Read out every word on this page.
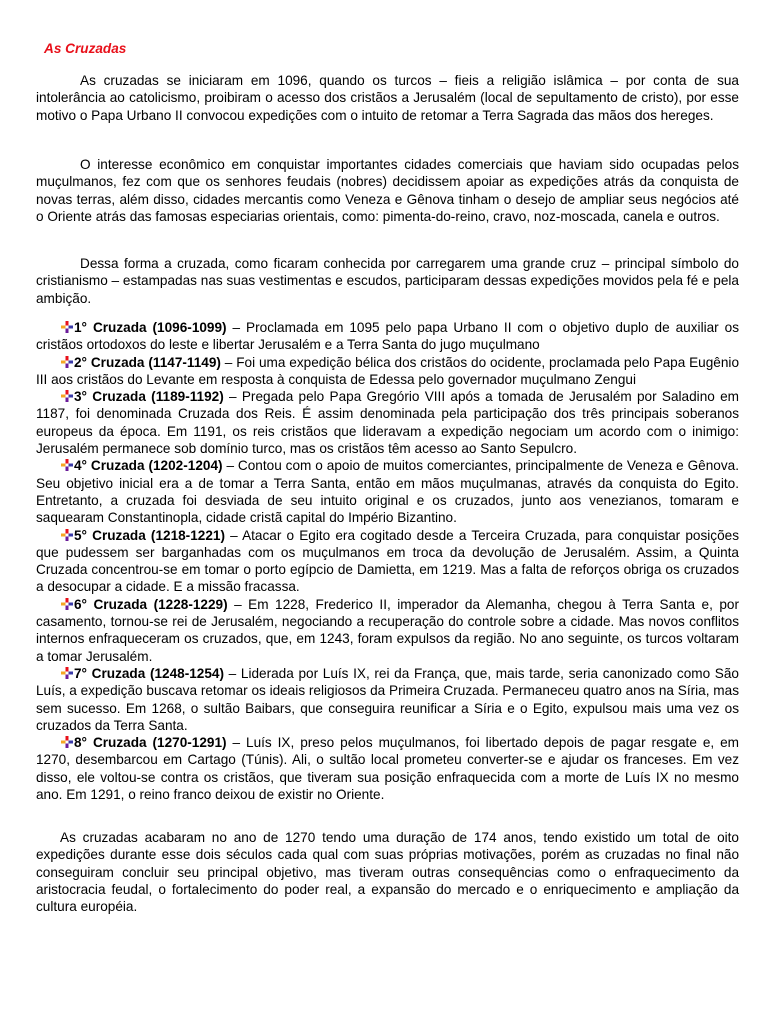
As Cruzadas

As cruzadas se iniciaram em 1096, quando os turcos – fieis a religião islâmica – por conta de sua intolerância ao catolicismo, proibiram o acesso dos cristãos a Jerusalém (local de sepultamento de cristo), por esse motivo o Papa Urbano II convocou expedições com o intuito de retomar a Terra Sagrada das mãos dos hereges.

O interesse econômico em conquistar importantes cidades comerciais que haviam sido ocupadas pelos muçulmanos, fez com que os senhores feudais (nobres) decidissem apoiar as expedições atrás da conquista de novas terras, além disso, cidades mercantis como Veneza e Gênova tinham o desejo de ampliar seus negócios até o Oriente atrás das famosas especiarias orientais, como: pimenta-do-reino, cravo, noz-moscada, canela e outros.

Dessa forma a cruzada, como ficaram conhecida por carregarem uma grande cruz – principal símbolo do cristianismo – estampadas nas suas vestimentas e escudos, participaram dessas expedições movidos pela fé e pela ambição.

1° Cruzada (1096-1099) – Proclamada em 1095 pelo papa Urbano II com o objetivo duplo de auxiliar os cristãos ortodoxos do leste e libertar Jerusalém e a Terra Santa do jugo muçulmano

2° Cruzada (1147-1149) – Foi uma expedição bélica dos cristãos do ocidente, proclamada pelo Papa Eugênio III aos cristãos do Levante em resposta à conquista de Edessa pelo governador muçulmano Zengui

3° Cruzada (1189-1192) – Pregada pelo Papa Gregório VIII após a tomada de Jerusalém por Saladino em 1187, foi denominada Cruzada dos Reis. É assim denominada pela participação dos três principais soberanos europeus da época. Em 1191, os reis cristãos que lideravam a expedição negociam um acordo com o inimigo: Jerusalém permanece sob domínio turco, mas os cristãos têm acesso ao Santo Sepulcro.

4° Cruzada (1202-1204) – Contou com o apoio de muitos comerciantes, principalmente de Veneza e Gênova. Seu objetivo inicial era a de tomar a Terra Santa, então em mãos muçulmanas, através da conquista do Egito. Entretanto, a cruzada foi desviada de seu intuito original e os cruzados, junto aos venezianos, tomaram e saquearam Constantinopla, cidade cristã capital do Império Bizantino.

5° Cruzada (1218-1221) – Atacar o Egito era cogitado desde a Terceira Cruzada, para conquistar posições que pudessem ser barganhadas com os muçulmanos em troca da devolução de Jerusalém. Assim, a Quinta Cruzada concentrou-se em tomar o porto egípcio de Damietta, em 1219. Mas a falta de reforços obriga os cruzados a desocupar a cidade. E a missão fracassa.

6° Cruzada (1228-1229) – Em 1228, Frederico II, imperador da Alemanha, chegou à Terra Santa e, por casamento, tornou-se rei de Jerusalém, negociando a recuperação do controle sobre a cidade. Mas novos conflitos internos enfraqueceram os cruzados, que, em 1243, foram expulsos da região. No ano seguinte, os turcos voltaram a tomar Jerusalém.

7° Cruzada (1248-1254) – Liderada por Luís IX, rei da França, que, mais tarde, seria canonizado como São Luís, a expedição buscava retomar os ideais religiosos da Primeira Cruzada. Permaneceu quatro anos na Síria, mas sem sucesso. Em 1268, o sultão Baibars, que conseguira reunificar a Síria e o Egito, expulsou mais uma vez os cruzados da Terra Santa.

8° Cruzada (1270-1291) – Luís IX, preso pelos muçulmanos, foi libertado depois de pagar resgate e, em 1270, desembarcou em Cartago (Túnis). Ali, o sultão local prometeu converter-se e ajudar os franceses. Em vez disso, ele voltou-se contra os cristãos, que tiveram sua posição enfraquecida com a morte de Luís IX no mesmo ano. Em 1291, o reino franco deixou de existir no Oriente.

As cruzadas acabaram no ano de 1270 tendo uma duração de 174 anos, tendo existido um total de oito expedições durante esse dois séculos cada qual com suas próprias motivações, porém as cruzadas no final não conseguiram concluir seu principal objetivo, mas tiveram outras consequências como o enfraquecimento da aristocracia feudal, o fortalecimento do poder real, a expansão do mercado e o enriquecimento e ampliação da cultura européia.
